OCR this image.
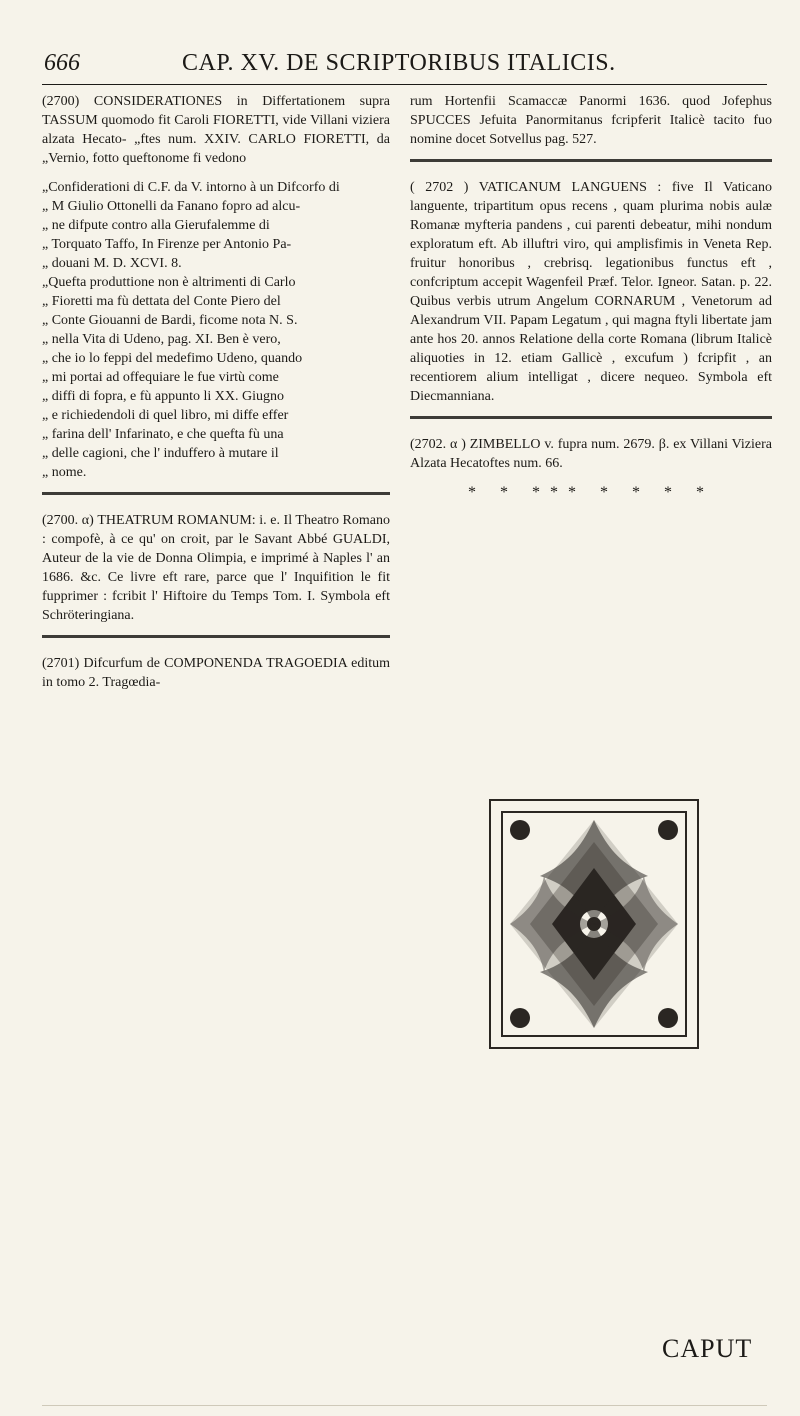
666	CAP. XV. DE SCRIPTORIBUS ITALICIS.

(2700) CONSIDERATIONES in Differtationem supra TASSUM quomodo fit Caroli FIORETTI, vide Villani viziera alzata Hecato- „ftes num. XXIV. CARLO FIORETTI, da „Vernio, fotto queftonome fi vedono

„Confiderationi di C.F. da V. intorno à un Difcorfo di

„ M Giulio Ottonelli da Fanano fopro ad alcu-

„ ne difpute contro alla Gierufalemme di

„ Torquato Taffo, In Firenze per Antonio Pa-

„ douani M. D. XCVI. 8.

„Quefta produttione non è altrimenti di Carlo

„ Fioretti ma fù dettata del Conte Piero del

„ Conte Giouanni de Bardi, ficome nota N. S.

„ nella Vita di Udeno, pag. XI. Ben è vero,

„ che io lo feppi del medefimo Udeno, quando

„ mi portai ad offequiare le fue virtù come

„ diffi di fopra, e fù appunto li XX. Giugno

„ e richiedendoli di quel libro, mi diffe effer

„ farina dell' Infarinato, e che quefta fù una

„ delle cagioni, che l' induffero à mutare il

„ nome.

(2700. α) THEATRUM ROMANUM: i. e. Il Theatro Romano : compofè, à ce qu' on croit, par le Savant Abbé GUALDI, Auteur de la vie de Donna Olimpia, e imprimé à Naples l' an 1686. &c. Ce livre eft rare, parce que l' Inquifition le fit fupprimer : fcribit l' Hiftoire du Temps Tom. I. Symbola eft Schröteringiana.

(2701) Difcurfum de COMPONENDA TRAGOEDIA editum in tomo 2. Tragœdia-

rum Hortenfii Scamaccæ Panormi 1636. quod Jofephus SPUCCES Jefuita Panormitanus fcripferit Italicè tacito fuo nomine docet Sotvellus pag. 527.

( 2702 ) VATICANUM LANGUENS : five Il Vaticano languente, tripartitum opus recens , quam plurima nobis aulæ Romanæ myfteria pandens , cui parenti debeatur, mihi nondum exploratum eft. Ab illuftri viro, qui amplisfimis in Veneta Rep. fruitur honoribus , crebrisq. legationibus functus eft , confcriptum accepit Wagenfeil Præf. Telor. Igneor. Satan. p. 22. Quibus verbis utrum Angelum CORNARUM , Venetorum ad Alexandrum VII. Papam Legatum , qui magna ftyli libertate jam ante hos 20. annos Relatione della corte Romana (librum Italicè aliquoties in 12. etiam Gallicè , excufum ) fcripfit , an recentiorem alium intelligat , dicere nequeo. Symbola eft Diecmanniana.

(2702. α ) ZIMBELLO v. fupra num. 2679. β. ex Villani Viziera Alzata Hecatoftes num. 66.

* * *** * * * *
CAPUT
